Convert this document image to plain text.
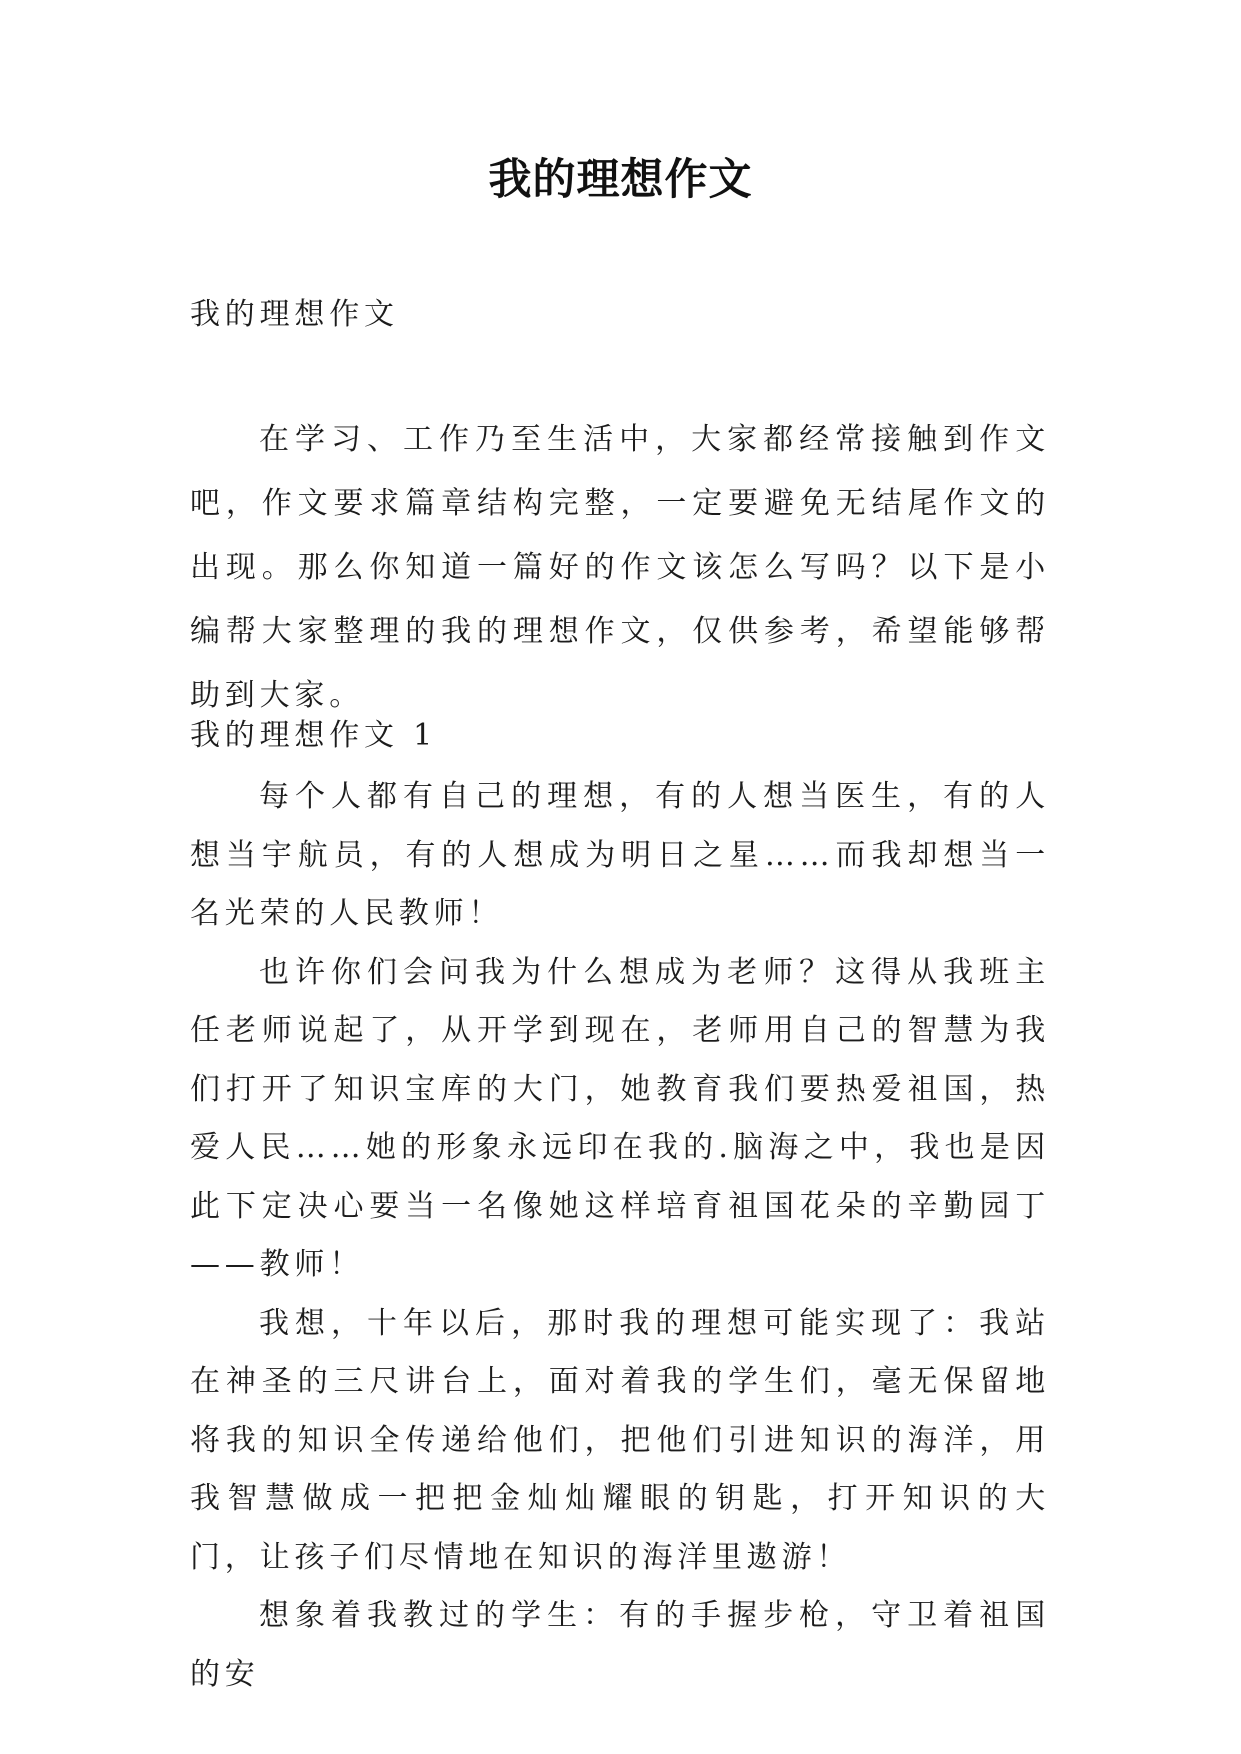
我的理想作文
我的理想作文

在学习、工作乃至生活中，大家都经常接触到作文吧，作文要求篇章结构完整，一定要避免无结尾作文的出现。那么你知道一篇好的作文该怎么写吗？以下是小编帮大家整理的我的理想作文，仅供参考，希望能够帮助到大家。

我的理想作文 1

每个人都有自己的理想，有的人想当医生，有的人想当宇航员，有的人想成为明日之星……而我却想当一名光荣的人民教师！

也许你们会问我为什么想成为老师？这得从我班主任老师说起了，从开学到现在，老师用自己的智慧为我们打开了知识宝库的大门，她教育我们要热爱祖国，热爱人民……她的形象永远印在我的.脑海之中，我也是因此下定决心要当一名像她这样培育祖国花朵的辛勤园丁——教师！

我想，十年以后，那时我的理想可能实现了：我站在神圣的三尺讲台上，面对着我的学生们，毫无保留地将我的知识全传递给他们，把他们引进知识的海洋，用我智慧做成一把把金灿灿耀眼的钥匙，打开知识的大门，让孩子们尽情地在知识的海洋里遨游！

想象着我教过的学生：有的手握步枪，守卫着祖国的安
